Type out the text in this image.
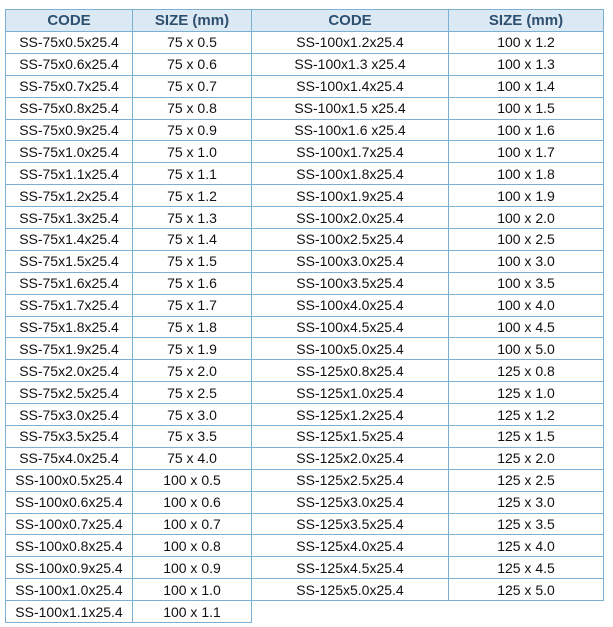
CODE	SIZE (mm)
SS-75x0.5x25.4	75 x 0.5
SS-75x0.6x25.4	75 x 0.6
SS-75x0.7x25.4	75 x 0.7
SS-75x0.8x25.4	75 x 0.8
SS-75x0.9x25.4	75 x 0.9
SS-75x1.0x25.4	75 x 1.0
SS-75x1.1x25.4	75 x 1.1
SS-75x1.2x25.4	75 x 1.2
SS-75x1.3x25.4	75 x 1.3
SS-75x1.4x25.4	75 x 1.4
SS-75x1.5x25.4	75 x 1.5
SS-75x1.6x25.4	75 x 1.6
SS-75x1.7x25.4	75 x 1.7
SS-75x1.8x25.4	75 x 1.8
SS-75x1.9x25.4	75 x 1.9
SS-75x2.0x25.4	75 x 2.0
SS-75x2.5x25.4	75 x 2.5
SS-75x3.0x25.4	75 x 3.0
SS-75x3.5x25.4	75 x 3.5
SS-75x4.0x25.4	75 x 4.0
SS-100x0.5x25.4	100 x 0.5
SS-100x0.6x25.4	100 x 0.6
SS-100x0.7x25.4	100 x 0.7
SS-100x0.8x25.4	100 x 0.8
SS-100x0.9x25.4	100 x 0.9
SS-100x1.0x25.4	100 x 1.0
SS-100x1.1x25.4	100 x 1.1
CODE	SIZE (mm)
SS-100x1.2x25.4	100 x 1.2
SS-100x1.3 x25.4	100 x 1.3
SS-100x1.4x25.4	100 x 1.4
SS-100x1.5 x25.4	100 x 1.5
SS-100x1.6 x25.4	100 x 1.6
SS-100x1.7x25.4	100 x 1.7
SS-100x1.8x25.4	100 x 1.8
SS-100x1.9x25.4	100 x 1.9
SS-100x2.0x25.4	100 x 2.0
SS-100x2.5x25.4	100 x 2.5
SS-100x3.0x25.4	100 x 3.0
SS-100x3.5x25.4	100 x 3.5
SS-100x4.0x25.4	100 x 4.0
SS-100x4.5x25.4	100 x 4.5
SS-100x5.0x25.4	100 x 5.0
SS-125x0.8x25.4	125 x 0.8
SS-125x1.0x25.4	125 x 1.0
SS-125x1.2x25.4	125 x 1.2
SS-125x1.5x25.4	125 x 1.5
SS-125x2.0x25.4	125 x 2.0
SS-125x2.5x25.4	125 x 2.5
SS-125x3.0x25.4	125 x 3.0
SS-125x3.5x25.4	125 x 3.5
SS-125x4.0x25.4	125 x 4.0
SS-125x4.5x25.4	125 x 4.5
SS-125x5.0x25.4	125 x 5.0
